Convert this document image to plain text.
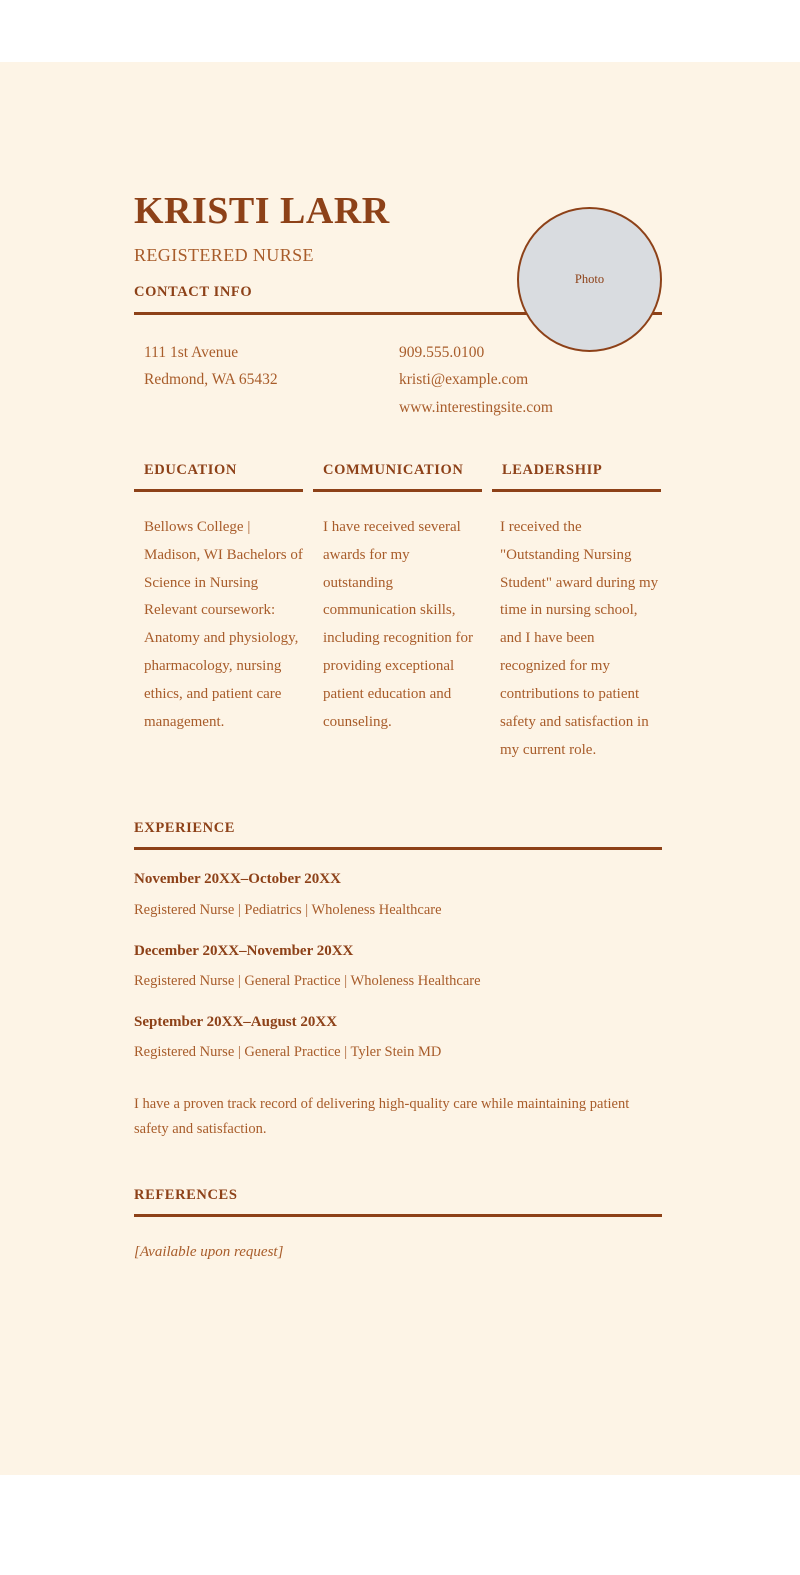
KRISTI LARR
REGISTERED NURSE
Photo
CONTACT INFO
111 1st Avenue
Redmond, WA 65432
909.555.0100
kristi@example.com
www.interestingsite.com
EDUCATION
Bellows College | Madison, WI Bachelors of Science in Nursing Relevant coursework: Anatomy and physiology, pharmacology, nursing ethics, and patient care management.
COMMUNICATION
I have received several awards for my outstanding communication skills, including recognition for providing exceptional patient education and counseling.
LEADERSHIP
I received the "Outstanding Nursing Student" award during my time in nursing school, and I have been recognized for my contributions to patient safety and satisfaction in my current role.
EXPERIENCE
November 20XX–October 20XX
Registered Nurse | Pediatrics | Wholeness Healthcare
December 20XX–November 20XX
Registered Nurse | General Practice | Wholeness Healthcare
September 20XX–August 20XX
Registered Nurse | General Practice | Tyler Stein MD
I have a proven track record of delivering high-quality care while maintaining patient safety and satisfaction.
REFERENCES
[Available upon request]
